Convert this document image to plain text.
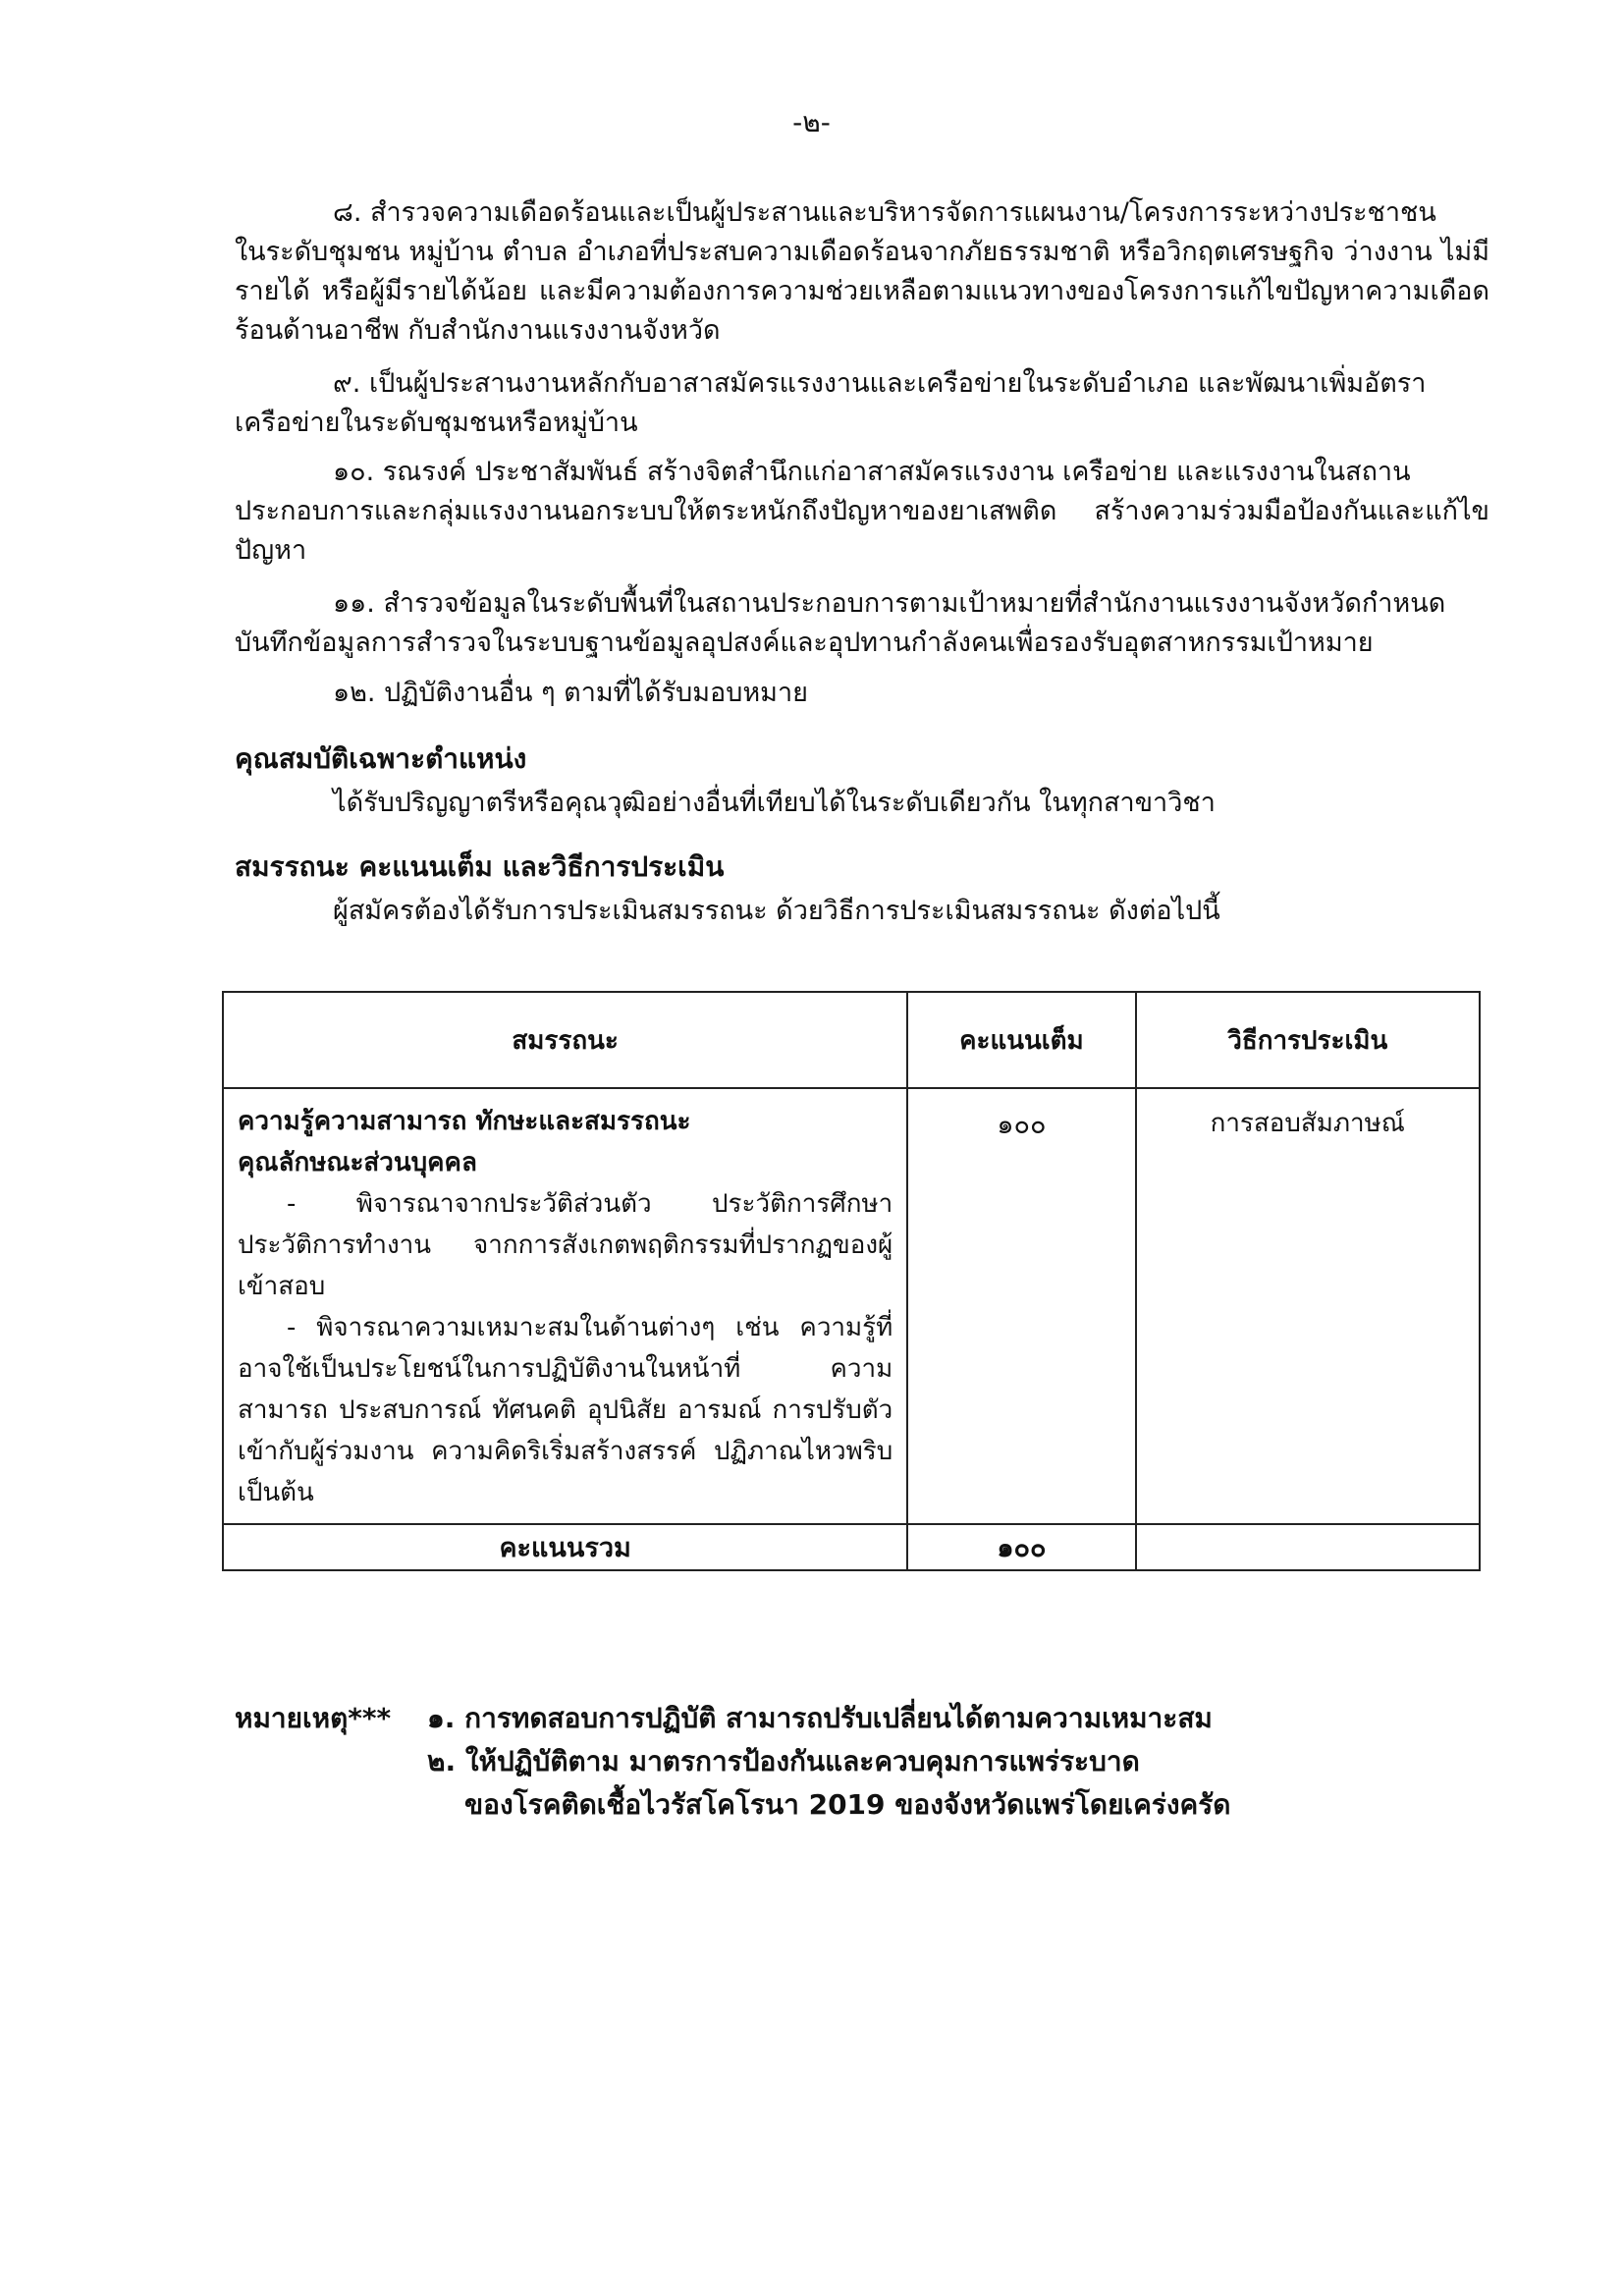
-๒-
๘. สำรวจความเดือดร้อนและเป็นผู้ประสานและบริหารจัดการแผนงาน/โครงการระหว่างประชาชน
ในระดับชุมชน หมู่บ้าน ตำบล อำเภอที่ประสบความเดือดร้อนจากภัยธรรมชาติ หรือวิกฤตเศรษฐกิจ ว่างงาน ไม่มีรายได้ หรือผู้มีรายได้น้อย และมีความต้องการความช่วยเหลือตามแนวทางของโครงการแก้ไขปัญหาความเดือดร้อนด้านอาชีพ กับสำนักงานแรงงานจังหวัด
๙. เป็นผู้ประสานงานหลักกับอาสาสมัครแรงงานและเครือข่ายในระดับอำเภอ และพัฒนาเพิ่มอัตรา
เครือข่ายในระดับชุมชนหรือหมู่บ้าน
๑๐. รณรงค์ ประชาสัมพันธ์ สร้างจิตสำนึกแก่อาสาสมัครแรงงาน เครือข่าย และแรงงานในสถาน
ประกอบการและกลุ่มแรงงานนอกระบบให้ตระหนักถึงปัญหาของยาเสพติด สร้างความร่วมมือป้องกันและแก้ไขปัญหา
๑๑. สำรวจข้อมูลในระดับพื้นที่ในสถานประกอบการตามเป้าหมายที่สำนักงานแรงงานจังหวัดกำหนด
บันทึกข้อมูลการสำรวจในระบบฐานข้อมูลอุปสงค์และอุปทานกำลังคนเพื่อรองรับอุตสาหกรรมเป้าหมาย
๑๒. ปฏิบัติงานอื่น ๆ ตามที่ได้รับมอบหมาย
คุณสมบัติเฉพาะตำแหน่ง
ได้รับปริญญาตรีหรือคุณวุฒิอย่างอื่นที่เทียบได้ในระดับเดียวกัน ในทุกสาขาวิชา
สมรรถนะ คะแนนเต็ม และวิธีการประเมิน
ผู้สมัครต้องได้รับการประเมินสมรรถนะ ด้วยวิธีการประเมินสมรรถนะ ดังต่อไปนี้
สมรรถนะ	คะแนนเต็ม	วิธีการประเมิน

ความรู้ความสามารถ ทักษะและสมรรถนะ
คุณลักษณะส่วนบุคคล
- พิจารณาจากประวัติส่วนตัว ประวัติการศึกษา ประวัติการทำงาน จากการสังเกตพฤติกรรมที่ปรากฏของผู้เข้าสอบ
- พิจารณาความเหมาะสมในด้านต่างๆ เช่น ความรู้ที่อาจใช้เป็นประโยชน์ในการปฏิบัติงานในหน้าที่ ความสามารถ ประสบการณ์ ทัศนคติ อุปนิสัย อารมณ์ การปรับตัวเข้ากับผู้ร่วมงาน ความคิดริเริ่มสร้างสรรค์ ปฏิภาณไหวพริบ เป็นต้น	๑๐๐	การสอบสัมภาษณ์
คะแนนรวม	๑๐๐	
หมายเหตุ*** ๑. การทดสอบการปฏิบัติ สามารถปรับเปลี่ยนได้ตามความเหมาะสม
๒. ให้ปฏิบัติตาม มาตรการป้องกันและควบคุมการแพร่ระบาด
ของโรคติดเชื้อไวรัสโคโรนา 2019 ของจังหวัดแพร่โดยเคร่งครัด
